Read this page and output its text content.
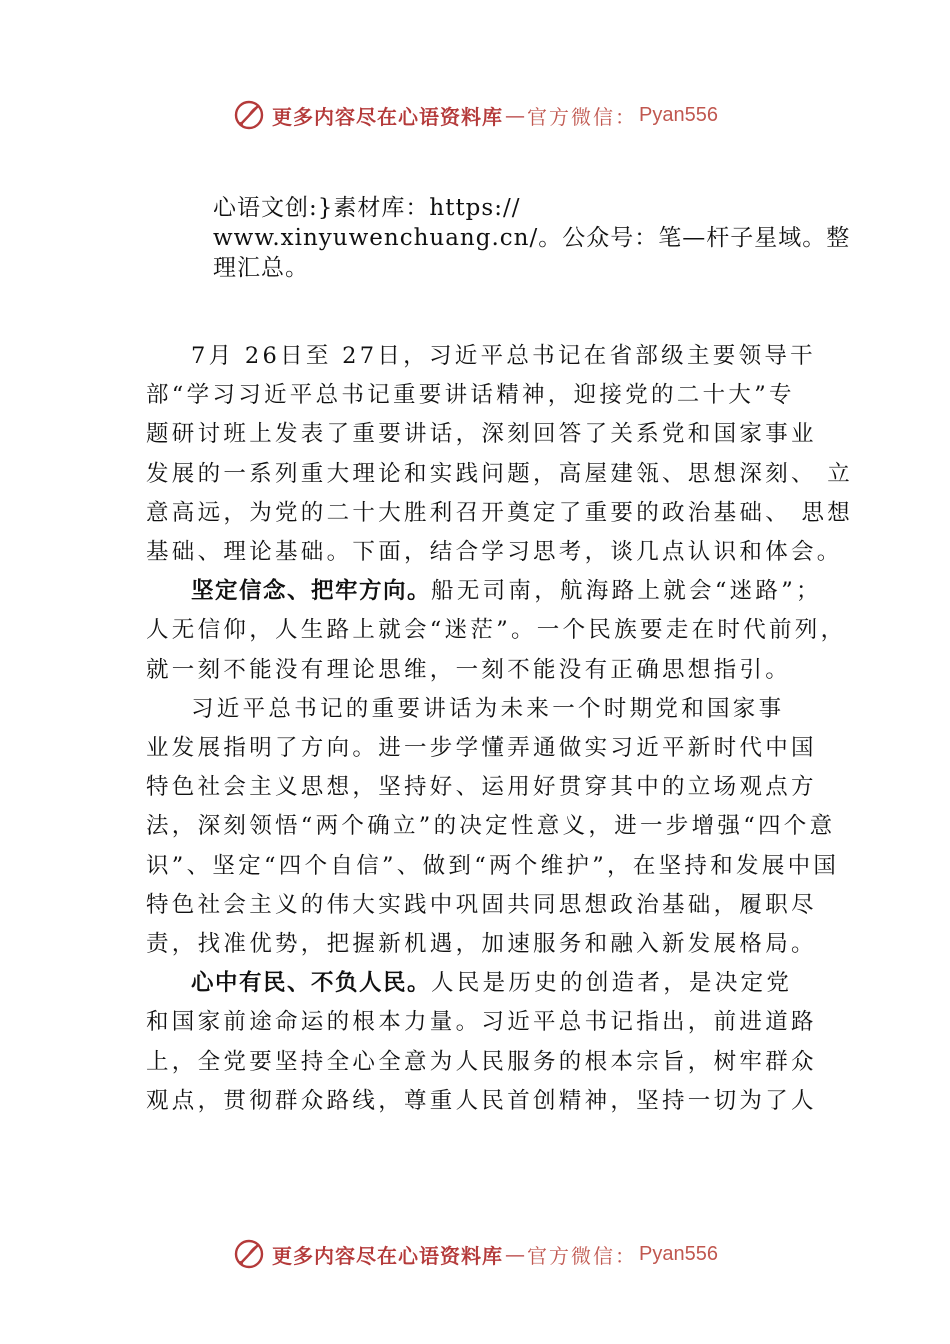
更多内容尽在心语资料库 — 官方微信： Pyan556
心语文创:}素材库：https://
www.xinyuwenchuang.cn/。公众号：笔—杆子星域。整
理汇总。

7月 26日至 27日，习近平总书记在省部级主要领导干
部“学习习近平总书记重要讲话精神，迎接党的二十大”专
题研讨班上发表了重要讲话，深刻回答了关系党和国家事业
发展的一系列重大理论和实践问题，高屋建瓴、思想深刻、 立
意高远，为党的二十大胜利召开奠定了重要的政治基础、 思想
基础、理论基础。下面，结合学习思考，谈几点认识和体会。

坚定信念、把牢方向。船无司南，航海路上就会“迷路”；
人无信仰，人生路上就会“迷茫”。一个民族要走在时代前列，
就一刻不能没有理论思维，一刻不能没有正确思想指引。

习近平总书记的重要讲话为未来一个时期党和国家事
业发展指明了方向。进一步学懂弄通做实习近平新时代中国
特色社会主义思想，坚持好、运用好贯穿其中的立场观点方
法，深刻领悟“两个确立”的决定性意义，进一步增强“四个意
识”、坚定“四个自信”、做到“两个维护”，在坚持和发展中国
特色社会主义的伟大实践中巩固共同思想政治基础，履职尽
责，找准优势，把握新机遇，加速服务和融入新发展格局。

心中有民、不负人民。人民是历史的创造者，是决定党
和国家前途命运的根本力量。习近平总书记指出，前进道路
上，全党要坚持全心全意为人民服务的根本宗旨，树牢群众
观点，贯彻群众路线，尊重人民首创精神，坚持一切为了人

更多内容尽在心语资料库 — 官方微信： Pyan556
